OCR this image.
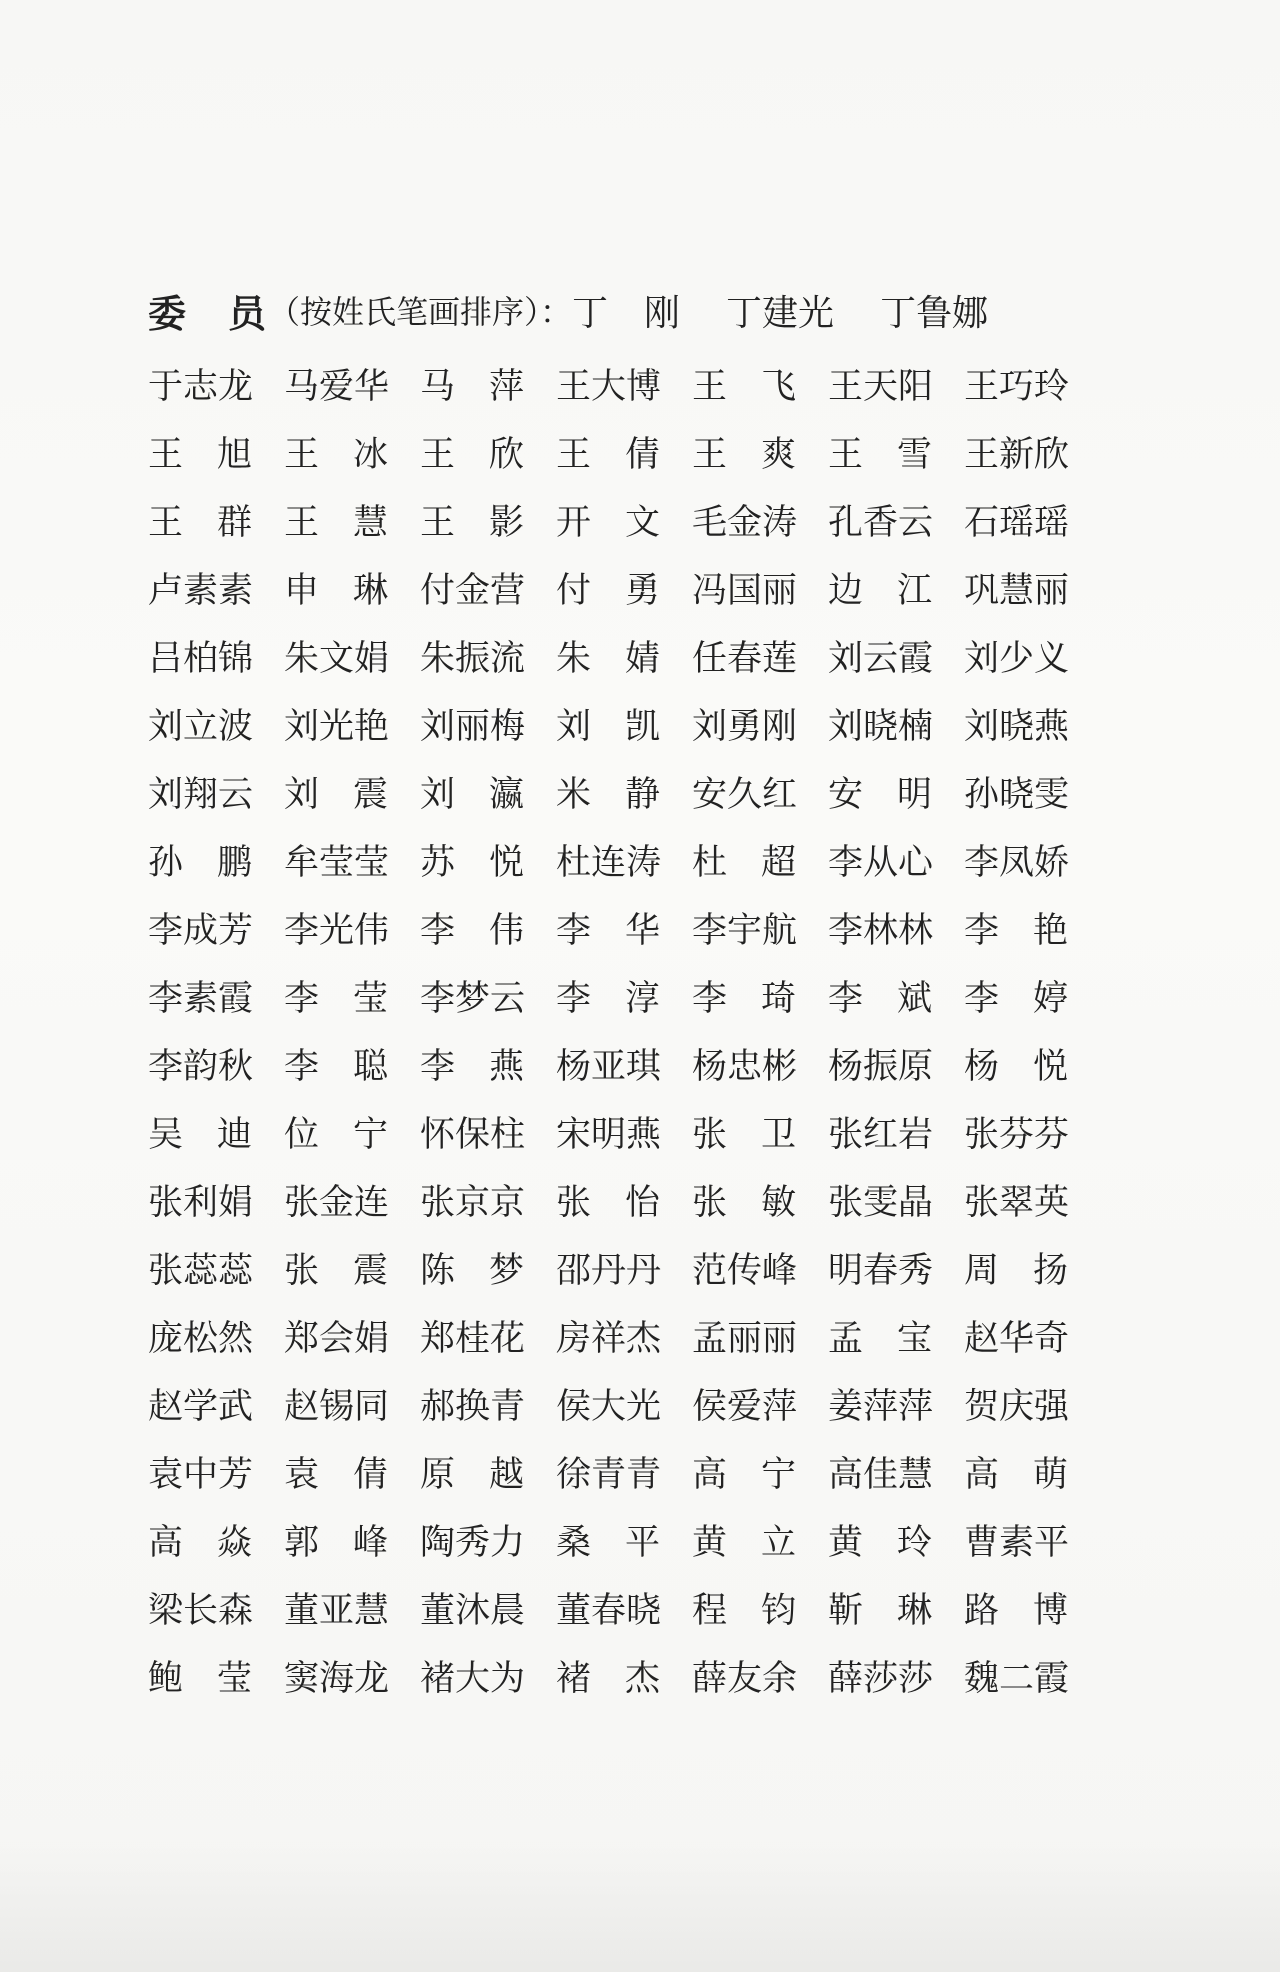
委　员 （按姓氏笔画排序）： 丁　刚 丁建光 丁鲁娜
于志龙 马爱华 马 萍 王大博 王 飞 王天阳 王巧玲
王 旭 王 冰 王 欣 王 倩 王 爽 王 雪 王新欣
王 群 王 慧 王 影 开 文 毛金涛 孔香云 石瑶瑶
卢素素 申 琳 付金营 付 勇 冯国丽 边 江 巩慧丽
吕柏锦 朱文娟 朱振流 朱 婧 任春莲 刘云霞 刘少义
刘立波 刘光艳 刘丽梅 刘 凯 刘勇刚 刘晓楠 刘晓燕
刘翔云 刘 震 刘 瀛 米 静 安久红 安 明 孙晓雯
孙 鹏 牟莹莹 苏 悦 杜连涛 杜 超 李从心 李凤娇
李成芳 李光伟 李 伟 李 华 李宇航 李林林 李 艳
李素霞 李 莹 李梦云 李 淳 李 琦 李 斌 李 婷
李韵秋 李 聪 李 燕 杨亚琪 杨忠彬 杨振原 杨 悦
吴 迪 位 宁 怀保柱 宋明燕 张 卫 张红岩 张芬芬
张利娟 张金连 张京京 张 怡 张 敏 张雯晶 张翠英
张蕊蕊 张 震 陈 梦 邵丹丹 范传峰 明春秀 周 扬
庞松然 郑会娟 郑桂花 房祥杰 孟丽丽 孟 宝 赵华奇
赵学武 赵锡同 郝换青 侯大光 侯爱萍 姜萍萍 贺庆强
袁中芳 袁 倩 原 越 徐青青 高 宁 高佳慧 高 萌
高 焱 郭 峰 陶秀力 桑 平 黄 立 黄 玲 曹素平
梁长森 董亚慧 董沐晨 董春晓 程 钧 靳 琳 路 博
鲍 莹 窦海龙 褚大为 褚 杰 薛友余 薛莎莎 魏二霞
